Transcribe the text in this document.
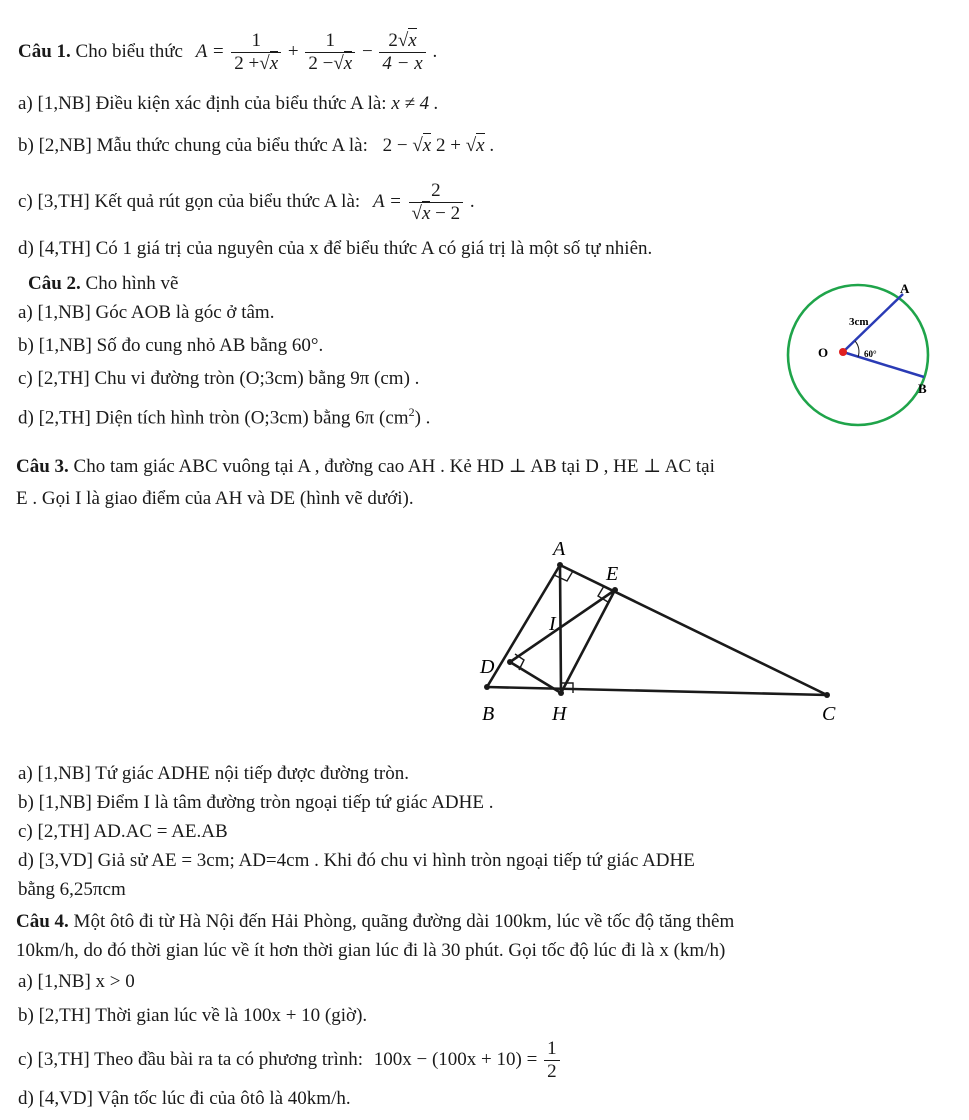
Câu 1. Cho biểu thức $A = \frac{1}{2 + √ x} + \frac{1}{2 - √ x} - \frac{2 √ x}{4 - x}$ .
a) [1,NB] Điều kiện xác định của biểu thức A là: x ≠ 4 .
b) [2,NB] Mẫu thức chung của biểu thức A là: 2 − √ x 2 + √ x .
c) [3,TH] Kết quả rút gọn của biểu thức A là: A = 2
√ x − 2 .
d) [4,TH] Có 1 giá trị của nguyên của x để biểu thức A có giá trị là một số tự nhiên.
Câu 2. Cho hình vẽ
a) [1,NB] Góc AOB là góc ở tâm.
b) [1,NB] Số đo cung nhỏ AB bằng 60°.
c) [2,TH] Chu vi đường tròn (O;3cm) bằng 9π (cm) .
d) [2,TH] Diện tích hình tròn (O;3cm) bằng 6π $(cm^2)$ .
A
B
O
3cm
60°
Câu 3. Cho tam giác ABC vuông tại A , đường cao AH . Kẻ HD ⊥ AB tại D , HE ⊥ AC tại
E . Gọi I là giao điểm của AH và DE (hình vẽ dưới).
A
B	C
D
E
H
I
a) [1,NB] Tứ giác ADHE nội tiếp được đường tròn.
b) [1,NB] Điểm I là tâm đường tròn ngoại tiếp tứ giác ADHE .
c) [2,TH] AD.AC = AE.AB
d) [3,VD] Giả sử AE = 3cm; AD=4cm . Khi đó chu vi hình tròn ngoại tiếp tứ giác ADHE
bằng 6,25πcm
Câu 4. Một ôtô đi từ Hà Nội đến Hải Phòng, quãng đường dài 100km, lúc về tốc độ tăng thêm
10km/h, do đó thời gian lúc về ít hơn thời gian lúc đi là 30 phút. Gọi tốc độ lúc đi là x (km/h)
a) [1,NB] x > 0
b) [2,TH] Thời gian lúc về là 100x + 10 (giờ).
c) [3,TH] Theo đầu bài ra ta có phương trình: $100x - (100x + 10) = \frac{1}{2}$
d) [4,VD] Vận tốc lúc đi của ôtô là 40km/h.
